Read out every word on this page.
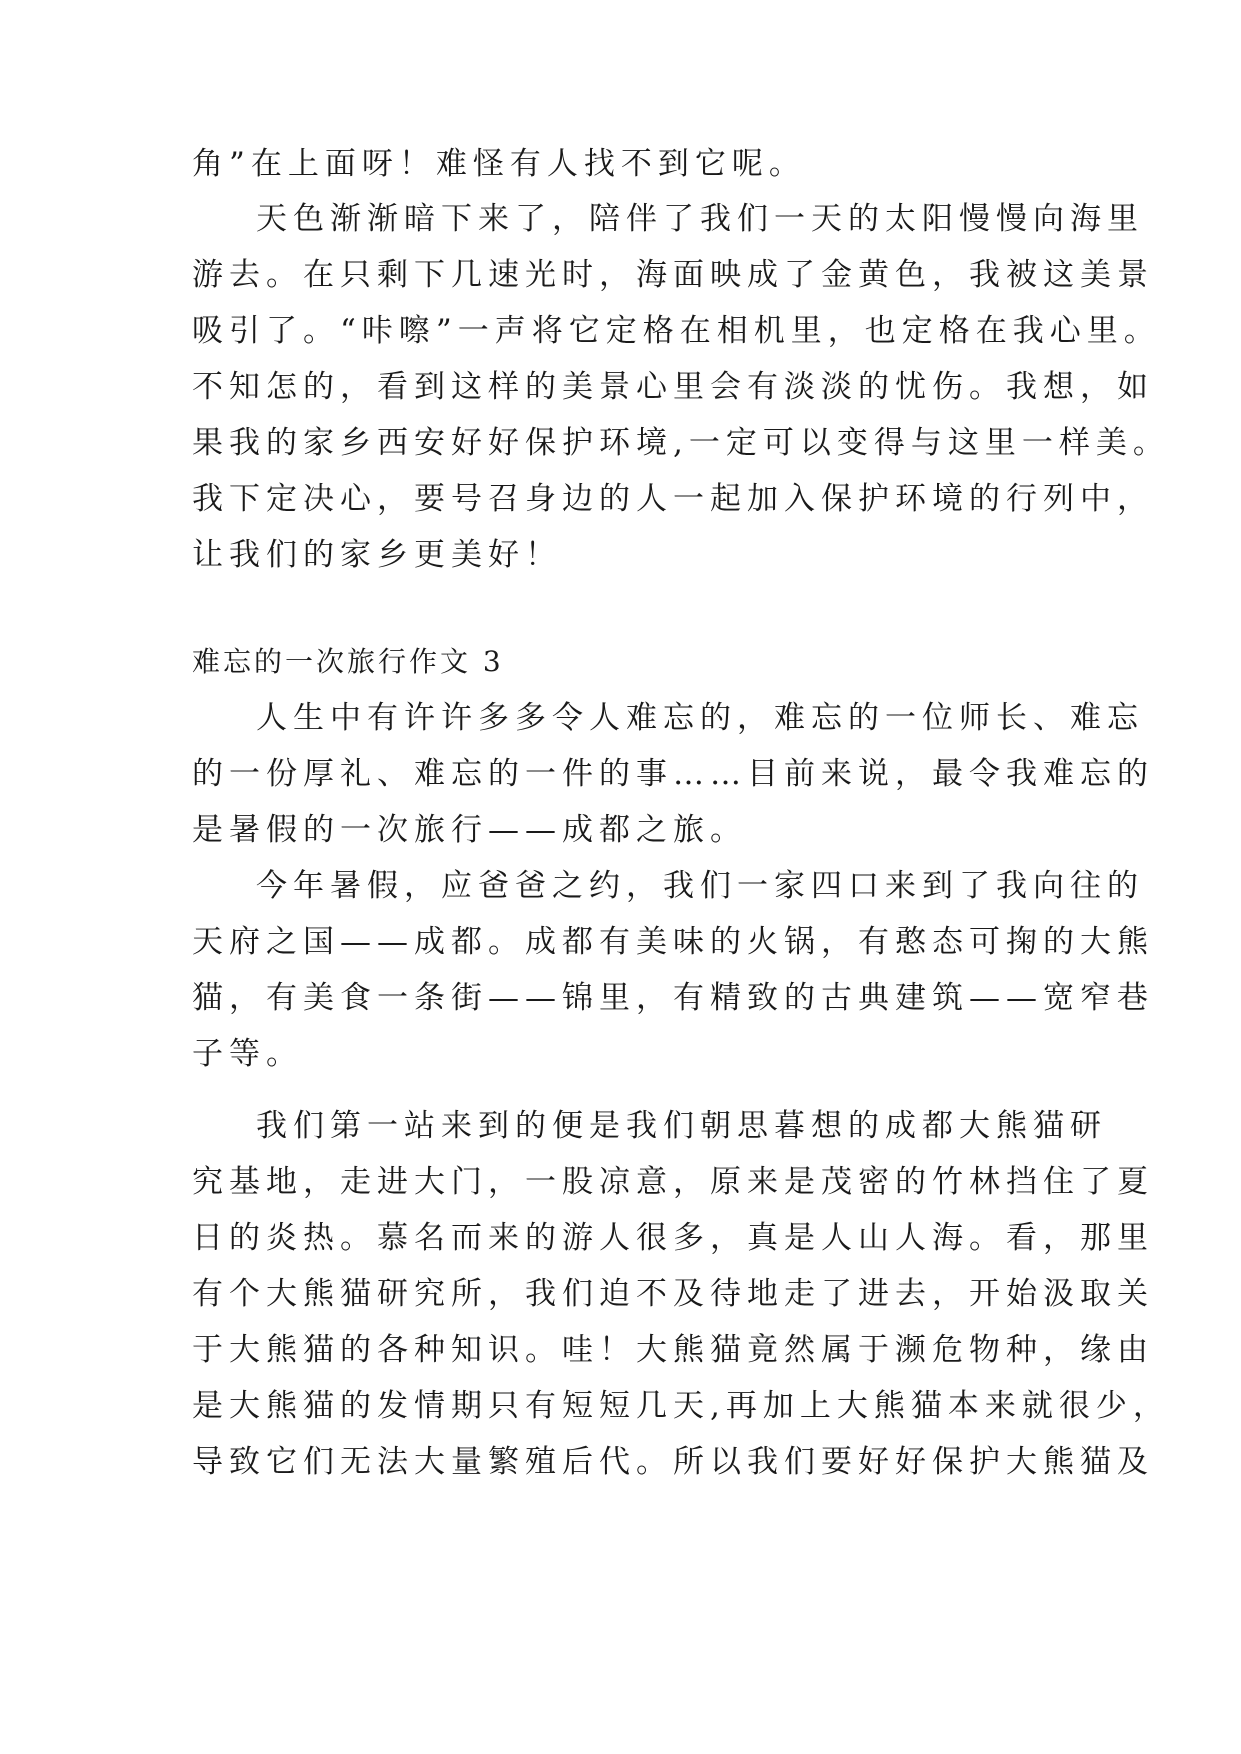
角”在上面呀！难怪有人找不到它呢。
天色渐渐暗下来了，陪伴了我们一天的太阳慢慢向海里
游去。在只剩下几速光时，海面映成了金黄色，我被这美景
吸引了。“咔嚓”一声将它定格在相机里，也定格在我心里。
不知怎的，看到这样的美景心里会有淡淡的忧伤。我想，如
果我的家乡西安好好保护环境,一定可以变得与这里一样美。
我下定决心，要号召身边的人一起加入保护环境的行列中，
让我们的家乡更美好！
难忘的一次旅行作文 3
人生中有许许多多令人难忘的，难忘的一位师长、难忘
的一份厚礼、难忘的一件的事……目前来说，最令我难忘的
是暑假的一次旅行——成都之旅。
今年暑假，应爸爸之约，我们一家四口来到了我向往的
天府之国——成都。成都有美味的火锅，有憨态可掬的大熊
猫，有美食一条街——锦里，有精致的古典建筑——宽窄巷
子等。
我们第一站来到的便是我们朝思暮想的成都大熊猫研
究基地，走进大门，一股凉意，原来是茂密的竹林挡住了夏
日的炎热。慕名而来的游人很多，真是人山人海。看，那里
有个大熊猫研究所，我们迫不及待地走了进去，开始汲取关
于大熊猫的各种知识。哇！大熊猫竟然属于濒危物种，缘由
是大熊猫的发情期只有短短几天,再加上大熊猫本来就很少，
导致它们无法大量繁殖后代。所以我们要好好保护大熊猫及
